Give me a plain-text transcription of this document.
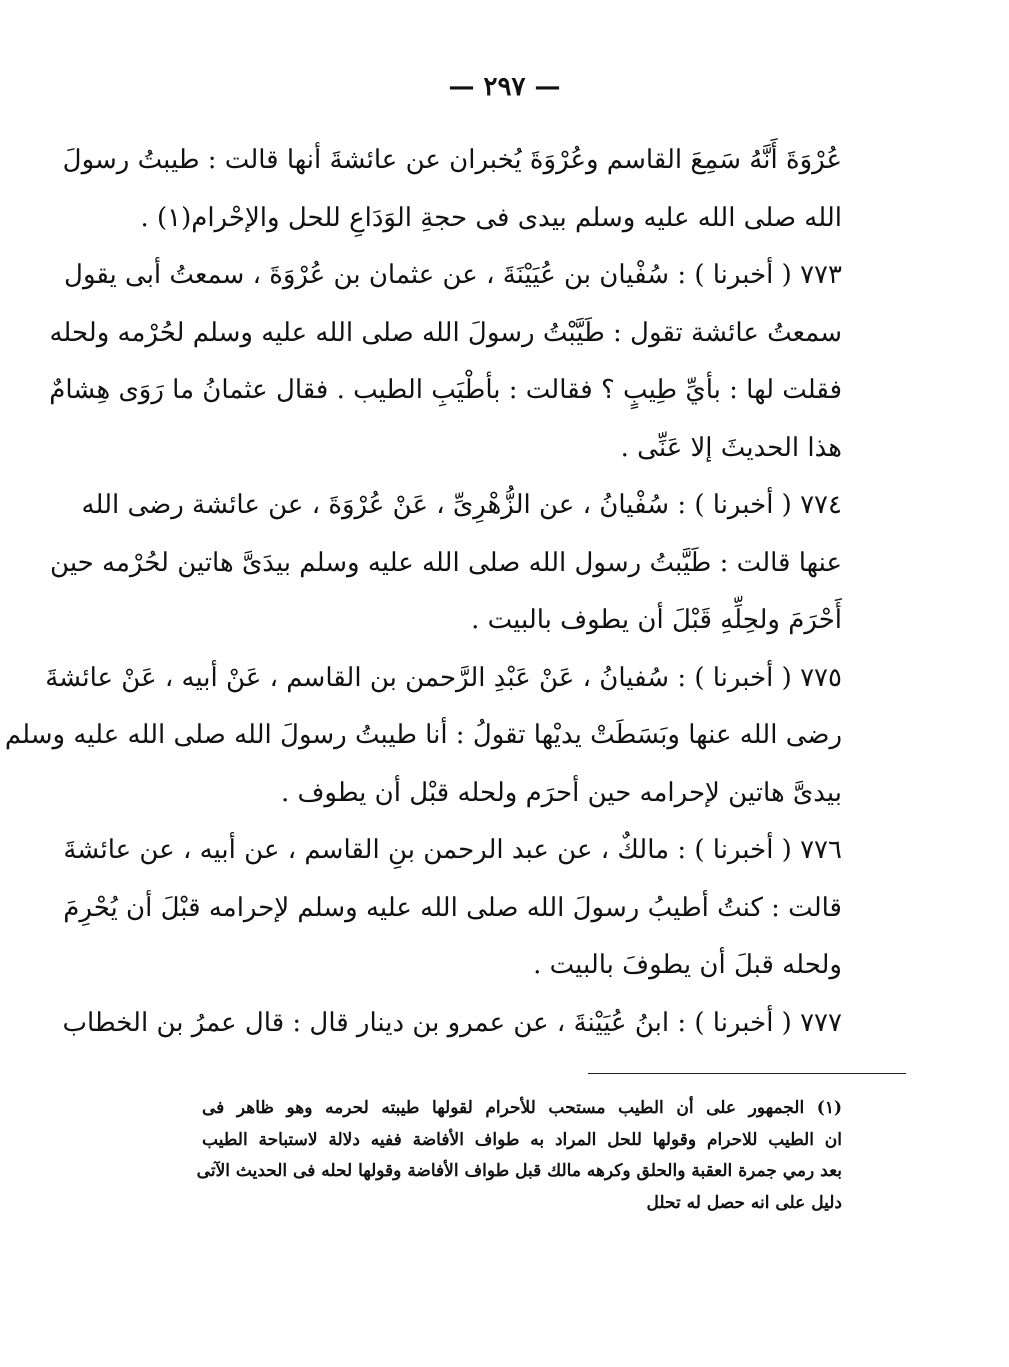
— ٢٩٧ —
عُرْوَةَ أَنَّهُ سَمِعَ القاسم وعُرْوَةَ يُخبران عن عائشةَ أنها قالت : طيبتُ رسولَ
الله صلى الله عليه وسلم بيدى فى حجةِ الوَدَاعِ للحل والإحْرام(١) .
٧٧٣ ( أخبرنا ) : سُفْيان بن عُيَيْنَةَ ، عن عثمان بن عُرْوَةَ ، سمعتُ أبى يقول
سمعتُ عائشة تقول : طَيَّبْتُ رسولَ الله صلى الله عليه وسلم لحُرْمه ولحله
فقلت لها : بأيِّ طِيبٍ ؟ فقالت : بأطْيَبِ الطيب . فقال عثمانُ ما رَوَى هِشامٌ
هذا الحديثَ إلا عَنِّى .
٧٧٤ ( أخبرنا ) : سُفْيانُ ، عن الزُّهْرِىِّ ، عَنْ عُرْوَةَ ، عن عائشة رضى الله
عنها قالت : طَيَّبتُ رسول الله صلى الله عليه وسلم بيدَىَّ هاتين لحُرْمه حين
أَحْرَمَ ولحِلِّهِ قَبْلَ أن يطوف بالبيت .
٧٧٥ ( أخبرنا ) : سُفيانُ ، عَنْ عَبْدِ الرَّحمن بن القاسم ، عَنْ أبيه ، عَنْ عائشةَ
رضى الله عنها وبَسَطَتْ يديْها تقولُ : أنا طيبتُ رسولَ الله صلى الله عليه وسلم
بيدىَّ هاتين لإحرامه حين أحرَم ولحله قبْل أن يطوف .
٧٧٦ ( أخبرنا ) : مالكٌ ، عن عبد الرحمن بنِ القاسم ، عن أبيه ، عن عائشةَ
قالت : كنتُ أطيبُ رسولَ الله صلى الله عليه وسلم لإحرامه قبْلَ أن يُحْرِمَ
ولحله قبلَ أن يطوفَ بالبيت .
٧٧٧ ( أخبرنا ) : ابنُ عُيَيْنةَ ، عن عمرو بن دينار قال : قال عمرُ بن الخطاب
(١) الجمهور على أن الطيب مستحب للأحرام لقولها طيبته لحرمه وهو ظاهر فى
ان الطيب للاحرام وقولها للحل المراد به طواف الأفاضة ففيه دلالة لاستباحة الطيب
بعد رمي جمرة العقبة والحلق وكرهه مالك قبل طواف الأفاضة وقولها لحله فى الحديث الآتى
دليل على انه حصل له تحلل
